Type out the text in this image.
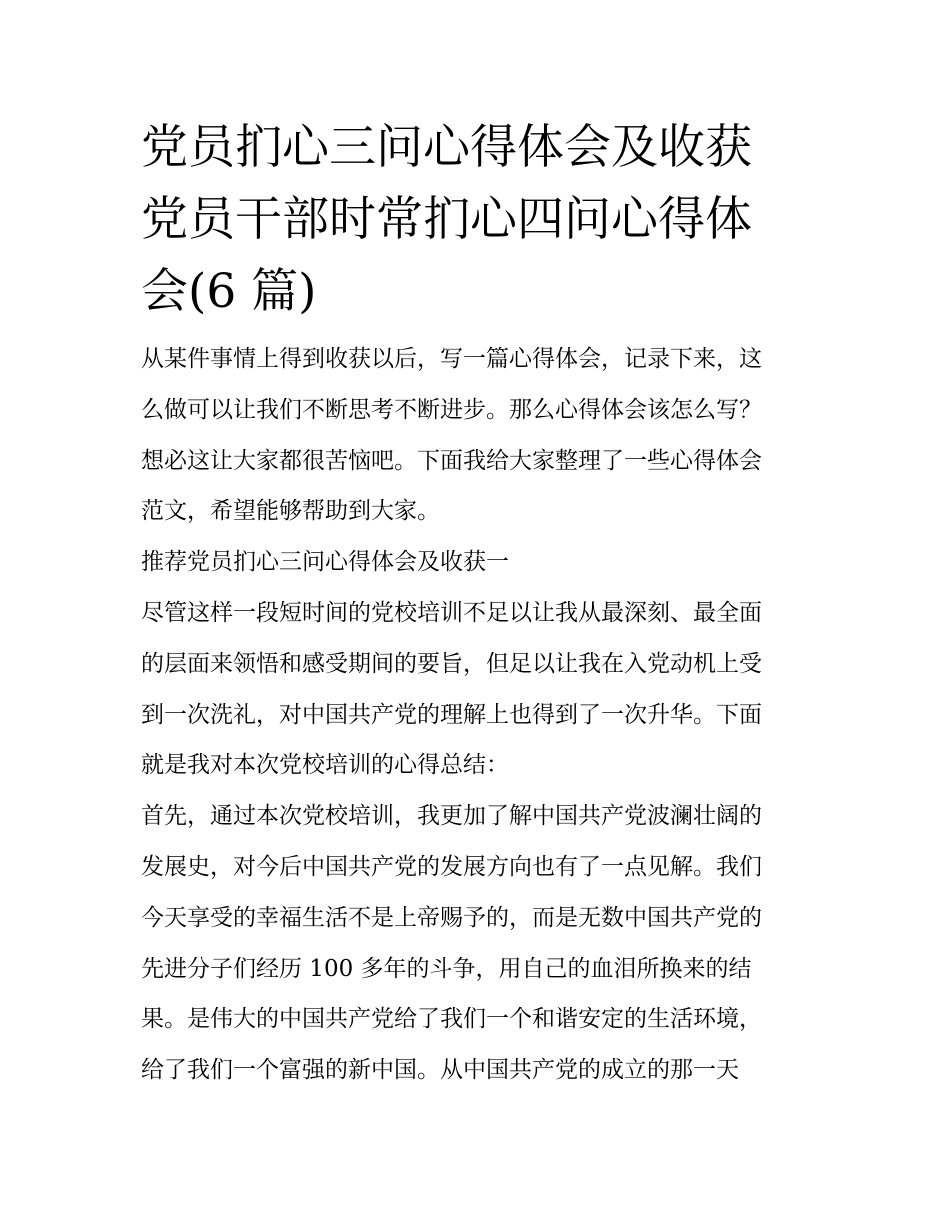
党员扪心三问心得体会及收获
党员干部时常扪心四问心得体
会(6 篇)

从某件事情上得到收获以后，写一篇心得体会，记录下来，这
么做可以让我们不断思考不断进步。那么心得体会该怎么写？
想必这让大家都很苦恼吧。下面我给大家整理了一些心得体会
范文，希望能够帮助到大家。

推荐党员扪心三问心得体会及收获一

尽管这样一段短时间的党校培训不足以让我从最深刻、最全面
的层面来领悟和感受期间的要旨，但足以让我在入党动机上受
到一次洗礼，对中国共产党的理解上也得到了一次升华。下面
就是我对本次党校培训的心得总结：

首先，通过本次党校培训，我更加了解中国共产党波澜壮阔的
发展史，对今后中国共产党的发展方向也有了一点见解。我们
今天享受的幸福生活不是上帝赐予的，而是无数中国共产党的
先进分子们经历 100 多年的斗争，用自己的血泪所换来的结
果。是伟大的中国共产党给了我们一个和谐安定的生活环境，
给了我们一个富强的新中国。从中国共产党的成立的那一天
